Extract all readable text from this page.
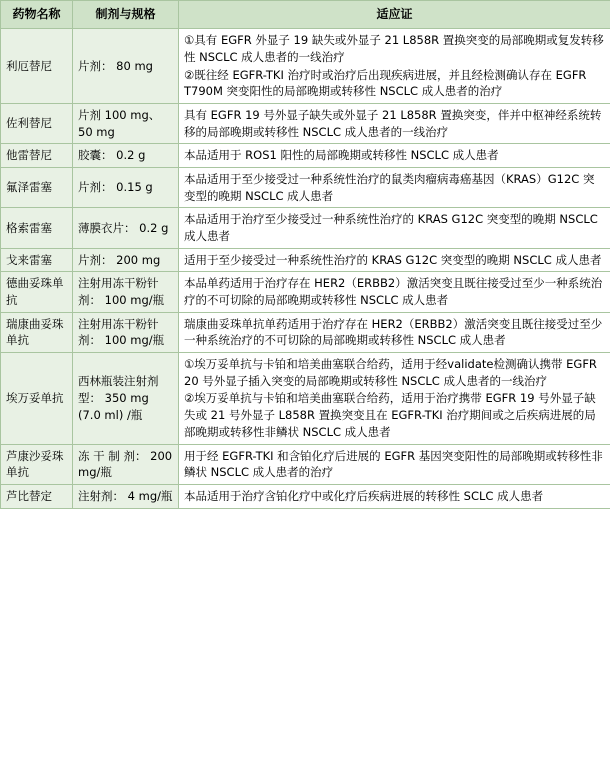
药物名称	制剂与规格	适应证
利厄替尼	片剂： 80 mg	①具有 EGFR 外显子 19 缺失或外显子 21 L858R 置换突变的局部晚期或复发转移性 NSCLC 成人患者的一线治疗
②既往经 EGFR-TKI 治疗时或治疗后出现疾病进展，并且经检测确认存在 EGFR T790M 突变阳性的局部晚期或转移性 NSCLC 成人患者的治疗

佐利替尼	片剂 100 mg、50 mg	具有 EGFR 19 号外显子缺失或外显子 21 L858R 置换突变，伴并中枢神经系统转移的局部晚期或转移性 NSCLC 成人患者的一线治疗

他雷替尼	胶囊： 0.2 g	本品适用于 ROS1 阳性的局部晚期或转移性 NSCLC 成人患者

氟泽雷塞	片剂： 0.15 g	本品适用于至少接受过一种系统性治疗的鼠类肉瘤病毒癌基因（KRAS）G12C 突变型的晚期 NSCLC 成人患者

格索雷塞	薄膜衣片： 0.2 g	本品适用于治疗至少接受过一种系统性治疗的 KRAS G12C 突变型的晚期 NSCLC 成人患者

戈来雷塞	片剂： 200 mg	适用于至少接受过一种系统性治疗的 KRAS G12C 突变型的晚期 NSCLC 成人患者

德曲妥珠单抗	注射用冻干粉针剂： 100 mg/瓶	本品单药适用于治疗存在 HER2（ERBB2）激活突变且既往接受过至少一种系统治疗的不可切除的局部晚期或转移性 NSCLC 成人患者

瑞康曲妥珠单抗	注射用冻干粉针剂： 100 mg/瓶	瑞康曲妥珠单抗单药适用于治疗存在 HER2（ERBB2）激活突变且既往接受过至少一种系统治疗的不可切除的局部晚期或转移性 NSCLC 成人患者

埃万妥单抗	西林瓶装注射剂型： 350 mg (7.0 ml) /瓶	①埃万妥单抗与卡铂和培美曲塞联合给药，适用于经validate检测确认携带 EGFR 20 号外显子插入突变的局部晚期或转移性 NSCLC 成人患者的一线治疗
②埃万妥单抗与卡铂和培美曲塞联合给药，适用于治疗携带 EGFR 19 号外显子缺失或 21 号外显子 L858R 置换突变且在 EGFR-TKI 治疗期间或之后疾病进展的局部晚期或转移性非鳞状 NSCLC 成人患者

芦康沙妥珠单抗	冻 干 制 剂： 200 mg/瓶	用于经 EGFR-TKI 和含铂化疗后进展的 EGFR 基因突变阳性的局部晚期或转移性非鳞状 NSCLC 成人患者的治疗

芦比替定	注射剂： 4 mg/瓶	本品适用于治疗含铂化疗中或化疗后疾病进展的转移性 SCLC 成人患者
